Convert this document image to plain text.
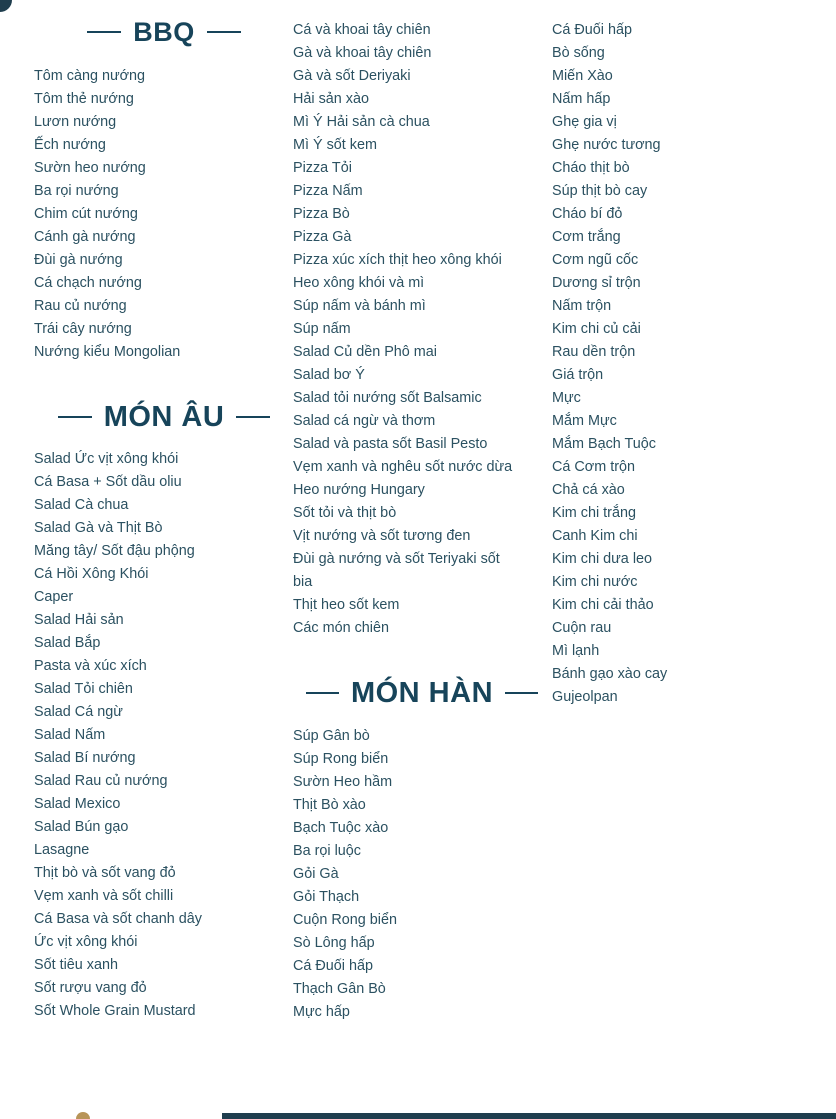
BBQ
Tôm càng nướng
Tôm thẻ nướng
Lươn nướng
Ếch nướng
Sườn heo nướng
Ba rọi nướng
Chim cút nướng
Cánh gà nướng
Đùi gà nướng
Cá chạch nướng
Rau củ nướng
Trái cây nướng
Nướng kiểu Mongolian
MÓN ÂU
Salad Ức vịt xông khói
Cá Basa + Sốt dầu oliu
Salad Cà chua
Salad Gà và Thịt Bò
Măng tây/ Sốt đậu phộng
Cá Hồi Xông Khói
Caper
Salad Hải sản
Salad Bắp
Pasta và xúc xích
Salad Tỏi chiên
Salad Cá ngừ
Salad Nấm
Salad Bí nướng
Salad Rau củ nướng
Salad Mexico
Salad Bún gạo
Lasagne
Thịt bò và sốt vang đỏ
Vẹm xanh và sốt chilli
Cá Basa và sốt chanh dây
Ức vịt xông khói
Sốt tiêu xanh
Sốt rượu vang đỏ
Sốt Whole Grain Mustard
Cá và khoai tây chiên
Gà và khoai tây chiên
Gà và sốt Deriyaki
Hải sản xào
Mì Ý Hải sản cà chua
Mì Ý sốt kem
Pizza Tỏi
Pizza Nấm
Pizza Bò
Pizza Gà
Pizza xúc xích thịt heo xông khói
Heo xông khói và mì
Súp nấm và bánh mì
Súp nấm
Salad Củ dền Phô mai
Salad bơ Ý
Salad tỏi nướng sốt Balsamic
Salad cá ngừ và thơm
Salad và pasta sốt Basil Pesto
Vẹm xanh và nghêu sốt nước dừa
Heo nướng Hungary
Sốt tỏi và thịt bò
Vịt nướng và sốt tương đen
Đùi gà nướng và sốt Teriyaki sốt
bia
Thịt heo sốt kem
Các món chiên
MÓN HÀN
Súp Gân bò
Súp Rong biển
Sườn Heo hầm
Thịt Bò xào
Bạch Tuộc xào
Ba rọi luộc
Gỏi Gà
Gỏi Thạch
Cuộn Rong biển
Sò Lông hấp
Cá Đuối hấp
Thạch Gân Bò
Mực hấp
Cá Đuối hấp
Bò sống
Miến Xào
Nấm hấp
Ghẹ gia vị
Ghẹ nước tương
Cháo thịt bò
Súp thịt bò cay
Cháo bí đỏ
Cơm trắng
Cơm ngũ cốc
Dương sỉ trộn
Nấm trộn
Kim chi củ cải
Rau dền trộn
Giá trộn
Mực
Mắm Mực
Mắm Bạch Tuộc
Cá Cơm trộn
Chả cá xào
Kim chi trắng
Canh Kim chi
Kim chi dưa leo
Kim chi nước
Kim chi cải thảo
Cuộn rau
Mì lạnh
Bánh gạo xào cay
Gujeolpan
